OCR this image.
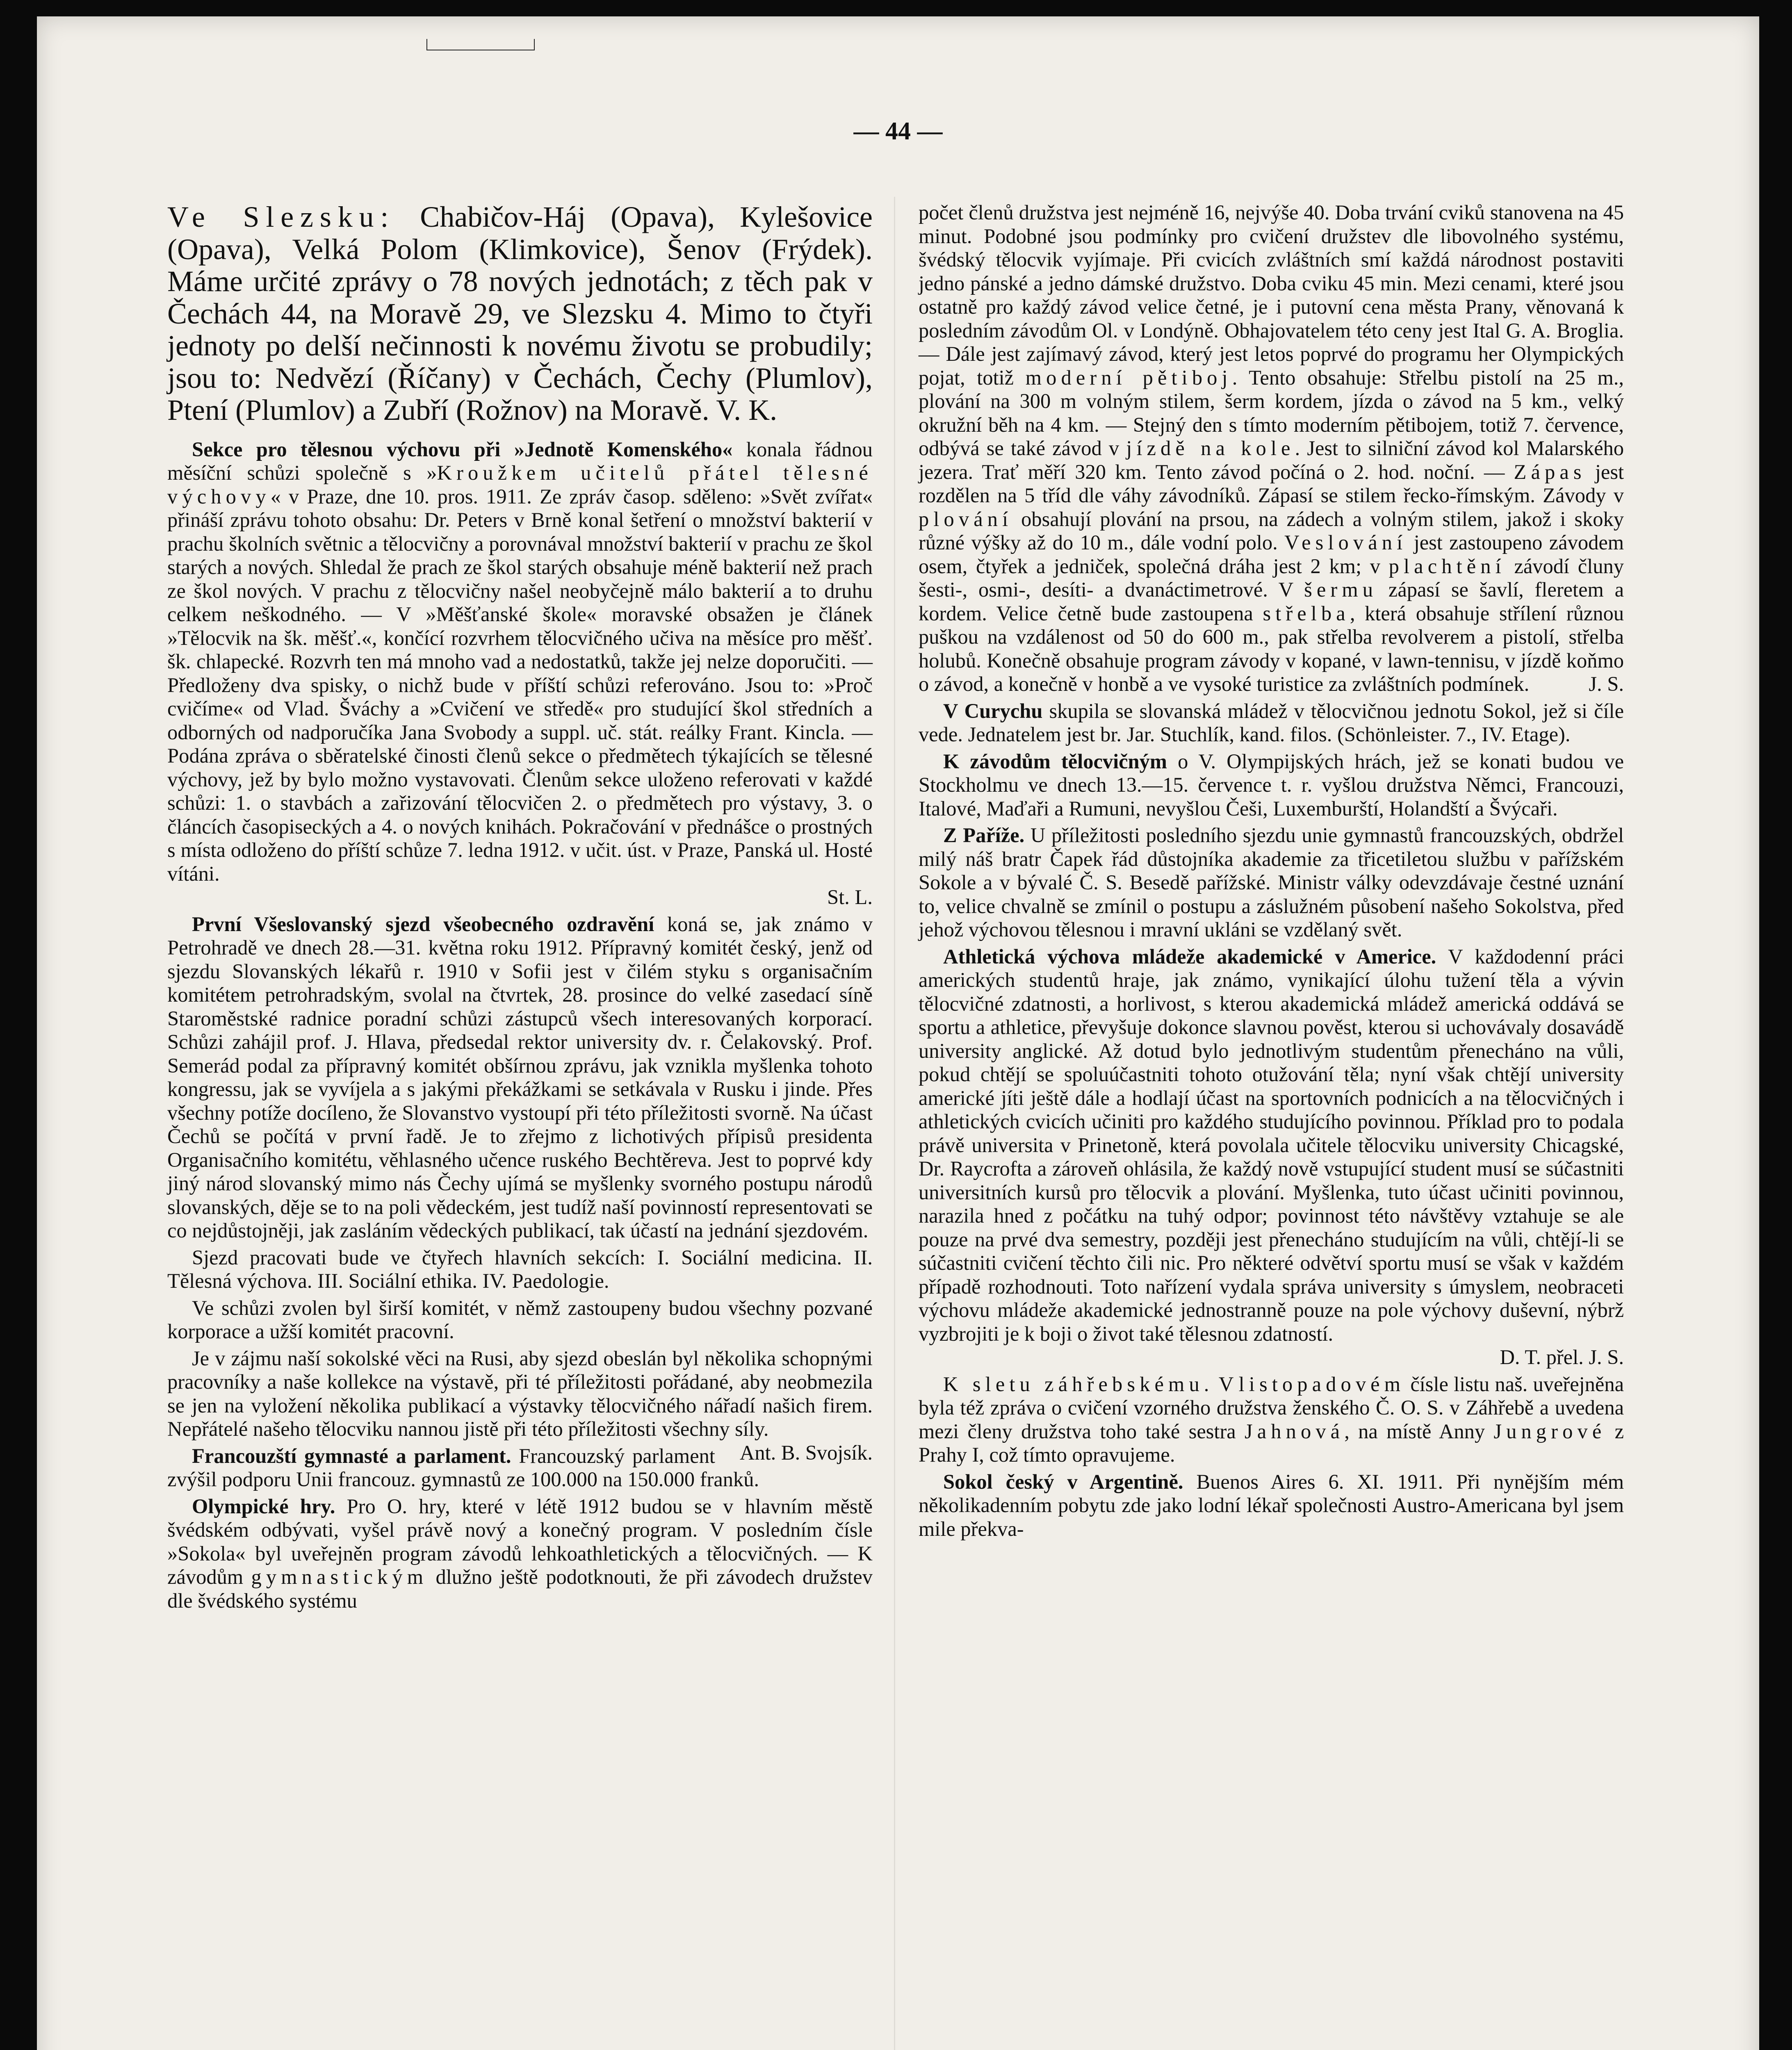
— 44 —

Ve Slezsku: Chabičov-Háj (Opava), Kylešovice (Opava), Velká Polom (Klimkovice), Šenov (Frýdek). Máme určité zprávy o 78 nových jednotách; z těch pak v Čechách 44, na Moravě 29, ve Slezsku 4. Mimo to čtyři jednoty po delší nečinnosti k novému životu se probudily; jsou to: Nedvězí (Říčany) v Čechách, Čechy (Plumlov), Ptení (Plumlov) a Zubří (Rožnov) na Moravě. V. K.

Sekce pro tělesnou výchovu při »Jednotě Komenského« konala řádnou měsíční schůzi společně s »Kroužkem učitelů přátel tělesné výchovy« v Praze, dne 10. pros. 1911. Ze zpráv časop. sděleno: »Svět zvířat« přináší zprávu tohoto obsahu: Dr. Peters v Brně konal šetření o množství bakterií v prachu školních světnic a tělocvičny a porovnával množství bakterií v prachu ze škol starých a nových. Shledal že prach ze škol starých obsahuje méně bakterií než prach ze škol nových. V prachu z tělocvičny našel neobyčejně málo bakterií a to druhu celkem neškodného. — V »Měšťanské škole« moravské obsažen je článek »Tělocvik na šk. měšť.«, končící rozvrhem tělocvičného učiva na měsíce pro měšť. šk. chlapecké. Rozvrh ten má mnoho vad a nedostatků, takže jej nelze doporučiti. — Předloženy dva spisky, o nichž bude v příští schůzi referováno. Jsou to: »Proč cvičíme« od Vlad. Šváchy a »Cvičení ve středě« pro studující škol středních a odborných od nadporučíka Jana Svobody a suppl. uč. stát. reálky Frant. Kincla. — Podána zpráva o sběratelské činosti členů sekce o předmětech týkajících se tělesné výchovy, jež by bylo možno vystavovati. Členům sekce uloženo referovati v každé schůzi: 1. o stavbách a zařizování tělocvičen 2. o předmětech pro výstavy, 3. o článcích časopiseckých a 4. o nových knihách. Pokračování v přednášce o prostných s místa odloženo do příští schůze 7. ledna 1912. v učit. úst. v Praze, Panská ul. Hosté vítáni.
St. L.

První Všeslovanský sjezd všeobecného ozdravění koná se, jak známo v Petrohradě ve dnech 28.—31. května roku 1912. Přípravný komitét český, jenž od sjezdu Slovanských lékařů r. 1910 v Sofii jest v čilém styku s organisačním komitétem petrohradským, svolal na čtvrtek, 28. prosince do velké zasedací síně Staroměstské radnice poradní schůzi zástupců všech interesovaných korporací. Schůzi zahájil prof. J. Hlava, předsedal rektor university dv. r. Čelakovský. Prof. Semerád podal za přípravný komitét obšírnou zprávu, jak vznikla myšlenka tohoto kongressu, jak se vyvíjela a s jakými překážkami se setkávala v Rusku i jinde. Přes všechny potíže docíleno, že Slovanstvo vystoupí při této příležitosti svorně. Na účast Čechů se počítá v první řadě. Je to zřejmo z lichotivých přípisů presidenta Organisačního komitétu, věhlasného učence ruského Bechtěreva. Jest to poprvé kdy jiný národ slovanský mimo nás Čechy ujímá se myšlenky svorného postupu národů slovanských, děje se to na poli vědeckém, jest tudíž naší povinností representovati se co nejdůstojněji, jak zasláním vědeckých publikací, tak účastí na jednání sjezdovém.

Sjezd pracovati bude ve čtyřech hlavních sekcích: I. Sociální medicina. II. Tělesná výchova. III. Sociální ethika. IV. Paedologie.

Ve schůzi zvolen byl širší komitét, v němž zastoupeny budou všechny pozvané korporace a užší komitét pracovní.

Je v zájmu naší sokolské věci na Rusi, aby sjezd obeslán byl několika schopnými pracovníky a naše kollekce na výstavě, při té příležitosti pořádané, aby neobmezila se jen na vyložení několika publikací a výstavky tělocvičného nářadí našich firem. Nepřátelé našeho tělocviku nannou jistě při této příležitosti všechny síly.
Ant. B. Svojsík.

Francouzští gymnasté a parlament. Francouzský parlament zvýšil podporu Unii francouz. gymnastů ze 100.000 na 150.000 franků.

Olympické hry. Pro O. hry, které v létě 1912 budou se v hlavním městě švédském odbývati, vyšel právě nový a konečný program. V posledním čísle »Sokola« byl uveřejněn program závodů lehkoathletických a tělocvičných. — K závodům gymnastickým dlužno ještě podotknouti, že při závodech družstev dle švédského systému

počet členů družstva jest nejméně 16, nejvýše 40. Doba trvání cviků stanovena na 45 minut. Podobné jsou podmínky pro cvičení družstev dle libovolného systému, švédský tělocvik vyjímaje. Při cvicích zvláštních smí každá národnost postaviti jedno pánské a jedno dámské družstvo. Doba cviku 45 min. Mezi cenami, které jsou ostatně pro každý závod velice četné, je i putovní cena města Prany, věnovaná k posledním závodům Ol. v Londýně. Obhajovatelem této ceny jest Ital G. A. Broglia. — Dále jest zajímavý závod, který jest letos poprvé do programu her Olympických pojat, totiž moderní pětiboj. Tento obsahuje: Střelbu pistolí na 25 m., plování na 300 m volným stilem, šerm kordem, jízda o závod na 5 km., velký okružní běh na 4 km. — Stejný den s tímto moderním pětibojem, totiž 7. července, odbývá se také závod v jízdě na kole. Jest to silniční závod kol Malarského jezera. Trať měří 320 km. Tento závod počíná o 2. hod. noční. — Zápas jest rozdělen na 5 tříd dle váhy závodníků. Zápasí se stilem řecko-římským. Závody v plování obsahují plování na prsou, na zádech a volným stilem, jakož i skoky různé výšky až do 10 m., dále vodní polo. Veslování jest zastoupeno závodem osem, čtyřek a jedniček, společná dráha jest 2 km; v plachtění závodí čluny šesti-, osmi-, desíti- a dvanáctimetrové. V šermu zápasí se šavlí, fleretem a kordem. Velice četně bude zastoupena střelba, která obsahuje střílení různou puškou na vzdálenost od 50 do 600 m., pak střelba revolverem a pistolí, střelba holubů. Konečně obsahuje program závody v kopané, v lawn-tennisu, v jízdě koňmo o závod, a konečně v honbě a ve vysoké turistice za zvláštních podmínek.	J. S.

V Curychu skupila se slovanská mládež v tělocvičnou jednotu Sokol, jež si číle vede. Jednatelem jest br. Jar. Stuchlík, kand. filos. (Schönleister. 7., IV. Etage).

K závodům tělocvičným o V. Olympijských hrách, jež se konati budou ve Stockholmu ve dnech 13.—15. července t. r. vyšlou družstva Němci, Francouzi, Italové, Maďaři a Rumuni, nevyšlou Češi, Luxemburští, Holandští a Švýcaři.

Z Paříže. U příležitosti posledního sjezdu unie gymnastů francouzských, obdržel milý náš bratr Čapek řád důstojníka akademie za třicetiletou službu v pařížském Sokole a v bývalé Č. S. Besedě pařížské. Ministr války odevzdávaje čestné uznání to, velice chvalně se zmínil o postupu a záslužném působení našeho Sokolstva, před jehož výchovou tělesnou i mravní ukláni se vzdělaný svět.

Athletická výchova mládeže akademické v Americe. V každodenní práci amerických studentů hraje, jak známo, vynikající úlohu tužení těla a vývin tělocvičné zdatnosti, a horlivost, s kterou akademická mládež americká oddává se sportu a athletice, převyšuje dokonce slavnou pověst, kterou si uchovávaly dosavádě university anglické. Až dotud bylo jednotlivým studentům přenecháno na vůli, pokud chtějí se spoluúčastniti tohoto otužování těla; nyní však chtějí university americké jíti ještě dále a hodlají účast na sportovních podnicích a na tělocvičných i athletických cvicích učiniti pro každého studujícího povinnou. Příklad pro to podala právě universita v Prinetoně, která povolala učitele tělocviku university Chicagské, Dr. Raycrofta a zároveň ohlásila, že každý nově vstupující student musí se súčastniti universitních kursů pro tělocvik a plování. Myšlenka, tuto účast učiniti povinnou, narazila hned z počátku na tuhý odpor; povinnost této návštěvy vztahuje se ale pouze na prvé dva semestry, později jest přenecháno studujícím na vůli, chtějí-li se súčastniti cvičení těchto čili nic. Pro některé odvětví sportu musí se však v každém případě rozhodnouti. Toto nařízení vydala správa university s úmyslem, neobraceti výchovu mládeže akademické jednostranně pouze na pole výchovy duševní, nýbrž vyzbrojiti je k boji o život také tělesnou zdatností.
D. T. přel. J. S.

K sletu záhřebskému. V listopadovém čísle listu naš. uveřejněna byla též zpráva o cvičení vzorného družstva ženského Č. O. S. v Záhřebě a uvedena mezi členy družstva toho také sestra Jahnová, na místě Anny Jungrové z Prahy I, což tímto opravujeme.

Sokol český v Argentině. Buenos Aires 6. XI. 1911. Při nynějším mém několikadenním pobytu zde jako lodní lékař společnosti Austro-Americana byl jsem mile překva-
